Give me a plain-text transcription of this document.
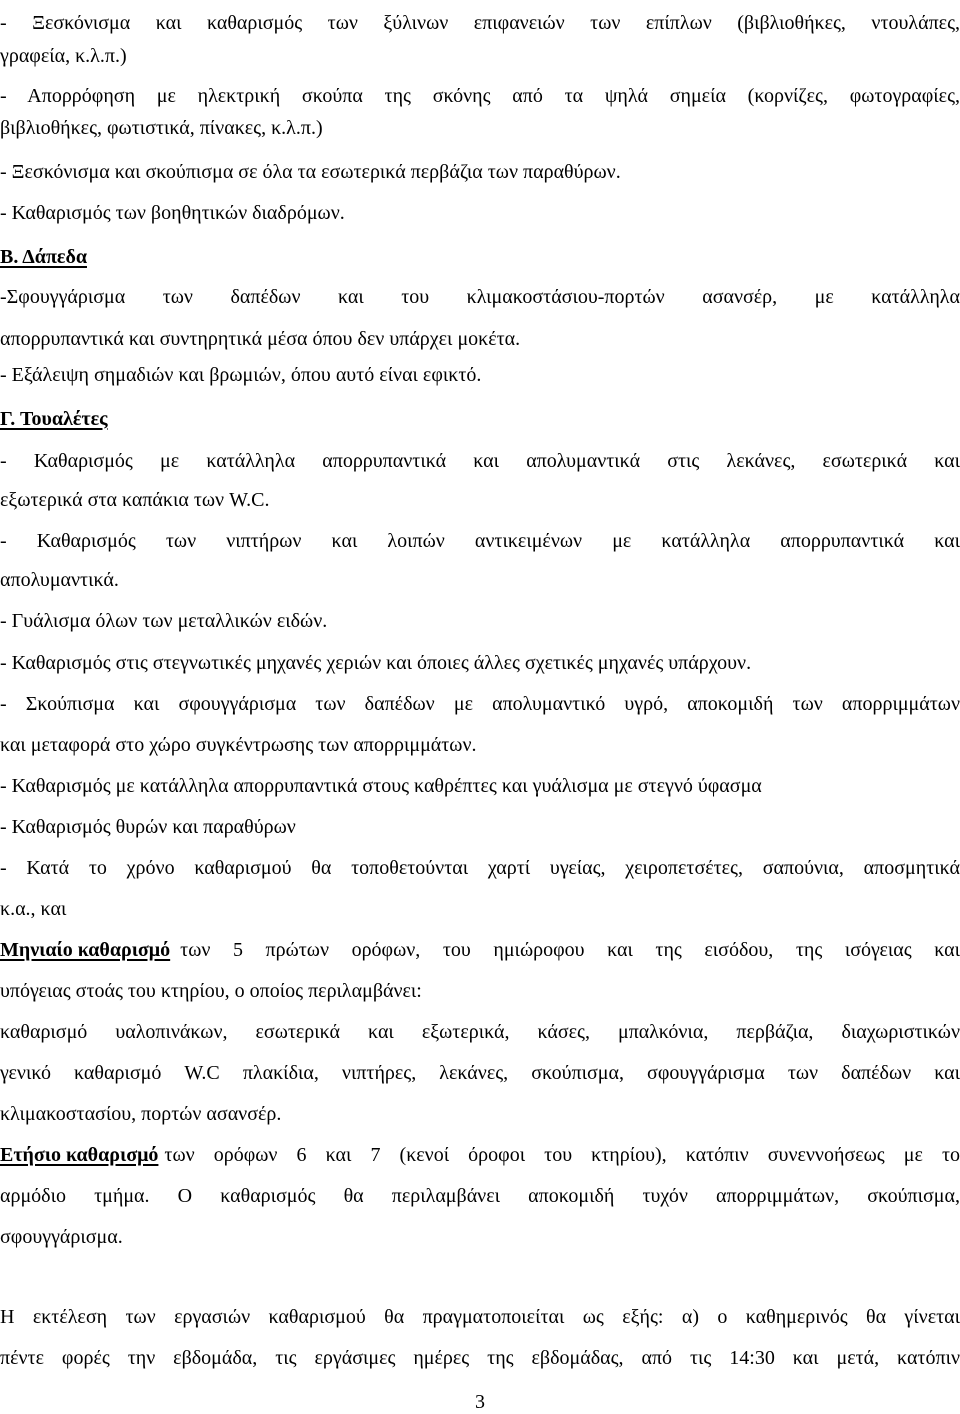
- Ξεσκόνισμα και καθαρισμός των ξύλινων επιφανειών των επίπλων (βιβλιοθήκες, ντουλάπες,
γραφεία, κ.λ.π.)
- Απορρόφηση με ηλεκτρική σκούπα της σκόνης από τα ψηλά σημεία (κορνίζες, φωτογραφίες,
βιβλιοθήκες, φωτιστικά, πίνακες, κ.λ.π.)
- Ξεσκόνισμα και σκούπισμα σε όλα τα εσωτερικά περβάζια των παραθύρων.
- Καθαρισμός των βοηθητικών διαδρόμων.
Β. Δάπεδα
-Σφουγγάρισμα των δαπέδων και του κλιμακοστάσιου-πορτών ασανσέρ, με κατάλληλα
απορρυπαντικά και συντηρητικά μέσα όπου δεν υπάρχει μοκέτα.
- Εξάλειψη σημαδιών και βρωμιών, όπου αυτό είναι εφικτό.
Γ. Τουαλέτες
- Καθαρισμός με κατάλληλα απορρυπαντικά και απολυμαντικά στις λεκάνες, εσωτερικά και
εξωτερικά στα καπάκια των W.C.
- Καθαρισμός των νιπτήρων και λοιπών αντικειμένων με κατάλληλα απορρυπαντικά και
απολυμαντικά.
- Γυάλισμα όλων των μεταλλικών ειδών.
- Καθαρισμός στις στεγνωτικές μηχανές χεριών και όποιες άλλες σχετικές μηχανές υπάρχουν.
- Σκούπισμα και σφουγγάρισμα των δαπέδων με απολυμαντικό υγρό, αποκομιδή των απορριμμάτων
και μεταφορά στο χώρο συγκέντρωσης των απορριμμάτων.
- Καθαρισμός με κατάλληλα απορρυπαντικά στους καθρέπτες και γυάλισμα με στεγνό ύφασμα
- Καθαρισμός θυρών και παραθύρων
- Κατά το χρόνο καθαρισμού θα τοποθετούνται χαρτί υγείας, χειροπετσέτες, σαπούνια, αποσμητικά
κ.α., και
Μηνιαίο καθαρισμό των 5 πρώτων ορόφων, του ημιώροφου και της εισόδου, της ισόγειας και
υπόγειας στοάς του κτηρίου, ο οποίος περιλαμβάνει:
καθαρισμό υαλοπινάκων, εσωτερικά και εξωτερικά, κάσες, μπαλκόνια, περβάζια, διαχωριστικών
γενικό καθαρισμό W.C πλακίδια, νιπτήρες, λεκάνες, σκούπισμα, σφουγγάρισμα των δαπέδων και
κλιμακοστασίου, πορτών ασανσέρ.
Ετήσιο καθαρισμό των ορόφων 6 και 7 (κενοί όροφοι του κτηρίου), κατόπιν συνεννοήσεως με το
αρμόδιο τμήμα. Ο καθαρισμός θα περιλαμβάνει αποκομιδή τυχόν απορριμμάτων, σκούπισμα,
σφουγγάρισμα.
Η εκτέλεση των εργασιών καθαρισμού θα πραγματοποιείται ως εξής: α) ο καθημερινός θα γίνεται
πέντε φορές την εβδομάδα, τις εργάσιμες ημέρες της εβδομάδας, από τις 14:30 και μετά, κατόπιν
3
